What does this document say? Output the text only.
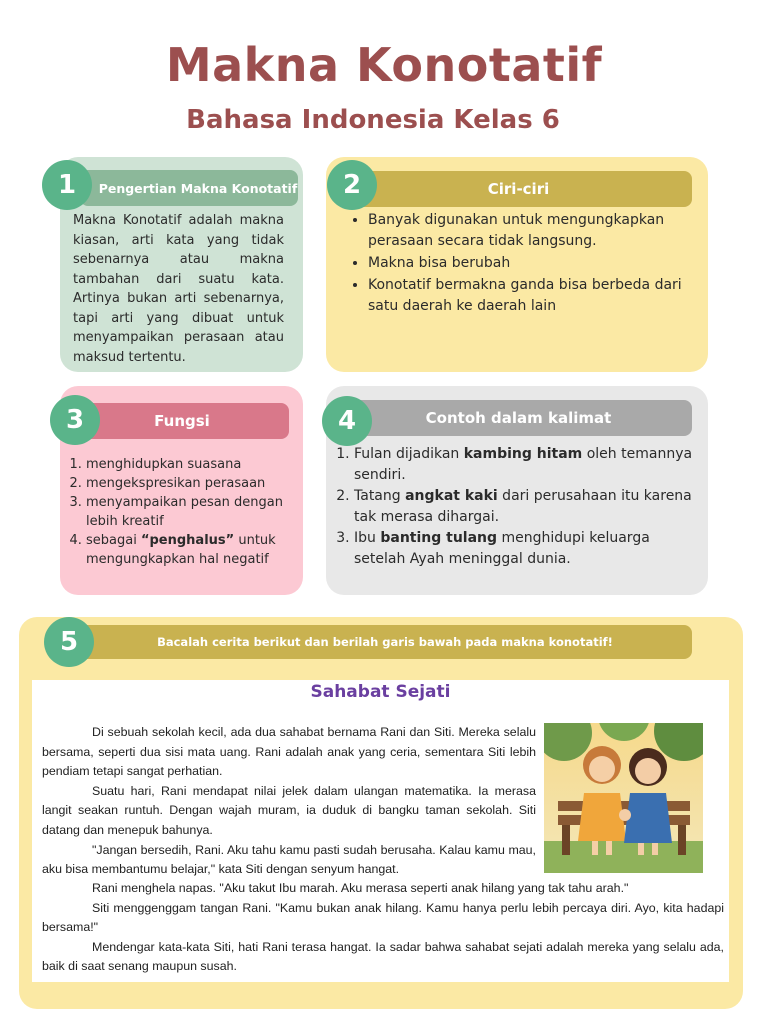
Makna Konotatif
Bahasa Indonesia Kelas 6
Pengertian Makna Konotatif
1
Makna Konotatif adalah makna kiasan, arti kata yang tidak sebenarnya atau makna tambahan dari suatu kata. Artinya bukan arti sebenarnya, tapi arti yang dibuat untuk menyampaikan perasaan atau maksud tertentu.
Ciri-ciri
2
• Banyak digunakan untuk mengungkapkan perasaan secara tidak langsung.
• Makna bisa berubah
• Konotatif bermakna ganda bisa berbeda dari satu daerah ke daerah lain
Fungsi
3
1. menghidupkan suasana
2. mengekspresikan perasaan
3. menyampaikan pesan dengan lebih kreatif
4. sebagai “penghalus” untuk mengungkapkan hal negatif
Contoh dalam kalimat
4
1. Fulan dijadikan kambing hitam oleh temannya sendiri.
2. Tatang angkat kaki dari perusahaan itu karena tak merasa dihargai.
3. Ibu banting tulang menghidupi keluarga setelah Ayah meninggal dunia.
Bacalah cerita berikut dan berilah garis bawah pada makna konotatif!
5
Sahabat Sejati

Di sebuah sekolah kecil, ada dua sahabat bernama Rani dan Siti. Mereka selalu bersama, seperti dua sisi mata uang. Rani adalah anak yang ceria, sementara Siti lebih pendiam tetapi sangat perhatian.

Suatu hari, Rani mendapat nilai jelek dalam ulangan matematika. Ia merasa langit seakan runtuh. Dengan wajah muram, ia duduk di bangku taman sekolah. Siti datang dan menepuk bahunya.

"Jangan bersedih, Rani. Aku tahu kamu pasti sudah berusaha. Kalau kamu mau, aku bisa membantumu belajar," kata Siti dengan senyum hangat.

Rani menghela napas. "Aku takut Ibu marah. Aku merasa seperti anak hilang yang tak tahu arah."

Siti menggenggam tangan Rani. "Kamu bukan anak hilang. Kamu hanya perlu lebih percaya diri. Ayo, kita hadapi bersama!"

Mendengar kata-kata Siti, hati Rani terasa hangat. Ia sadar bahwa sahabat sejati adalah mereka yang selalu ada, baik di saat senang maupun susah.
